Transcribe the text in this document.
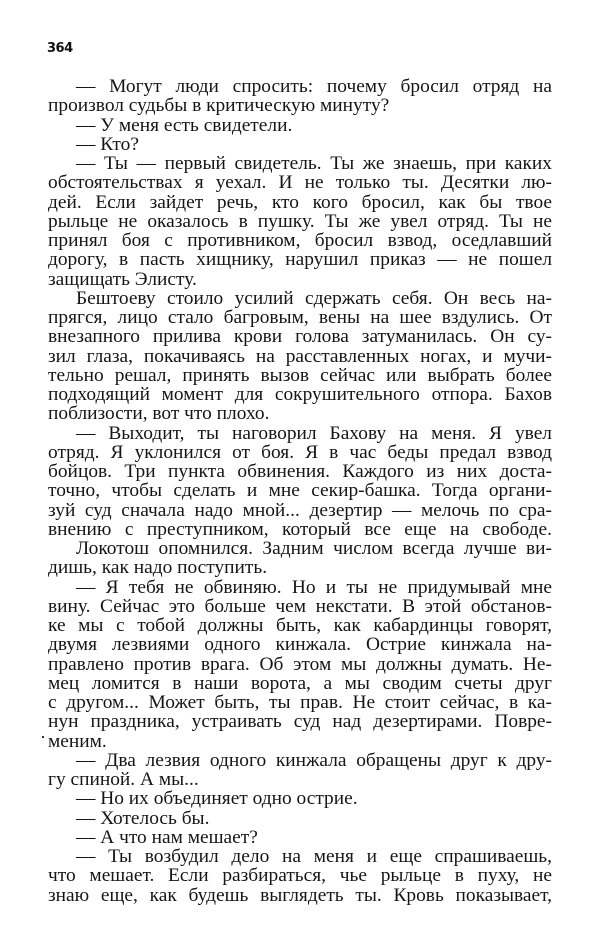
364
— Могут люди спросить: почему бросил отряд на
произвол судьбы в критическую минуту?
— У меня есть свидетели.
— Кто?
— Ты — первый свидетель. Ты же знаешь, при каких
обстоятельствах я уехал. И не только ты. Десятки лю-
дей. Если зайдет речь, кто кого бросил, как бы твое
рыльце не оказалось в пушку. Ты же увел отряд. Ты не
принял боя с противником, бросил взвод, оседлавший
дорогу, в пасть хищнику, нарушил приказ — не пошел
защищать Элисту.
Бештоеву стоило усилий сдержать себя. Он весь на-
прягся, лицо стало багровым, вены на шее вздулись. От
внезапного прилива крови голова затуманилась. Он су-
зил глаза, покачиваясь на расставленных ногах, и мучи-
тельно решал, принять вызов сейчас или выбрать более
подходящий момент для сокрушительного отпора. Бахов
поблизости, вот что плохо.
— Выходит, ты наговорил Бахову на меня. Я увел
отряд. Я уклонился от боя. Я в час беды предал взвод
бойцов. Три пункта обвинения. Каждого из них доста-
точно, чтобы сделать и мне секир-башка. Тогда органи-
зуй суд сначала надо мной... дезертир — мелочь по сра-
внению с преступником, который все еще на свободе.
Локотош опомнился. Задним числом всегда лучше ви-
дишь, как надо поступить.
— Я тебя не обвиняю. Но и ты не придумывай мне
вину. Сейчас это больше чем некстати. В этой обстанов-
ке мы с тобой должны быть, как кабардинцы говорят,
двумя лезвиями одного кинжала. Острие кинжала на-
правлено против врага. Об этом мы должны думать. Не-
мец ломится в наши ворота, а мы сводим счеты друг
с другом... Может быть, ты прав. Не стоит сейчас, в ка-
нун праздника, устраивать суд над дезертирами. Повре-
меним.
— Два лезвия одного кинжала обращены друг к дру-
гу спиной. А мы...
— Но их объединяет одно острие.
— Хотелось бы.
— А что нам мешает?
— Ты возбудил дело на меня и еще спрашиваешь,
что мешает. Если разбираться, чье рыльце в пуху, не
знаю еще, как будешь выглядеть ты. Кровь показывает,
